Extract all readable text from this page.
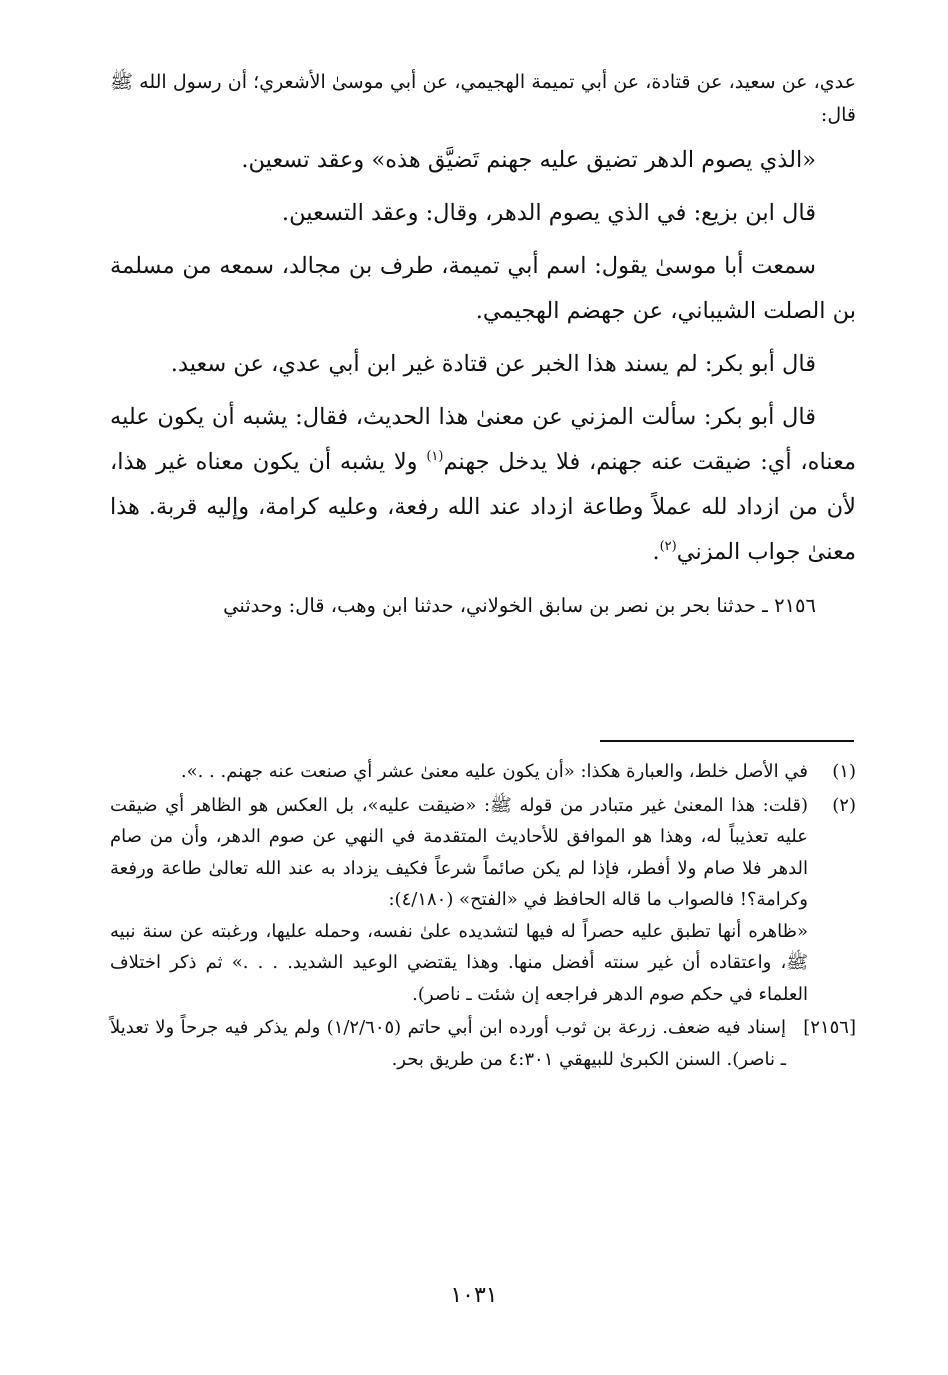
عدي، عن سعيد، عن قتادة، عن أبي تميمة الهجيمي، عن أبي موسىٰ الأشعري؛ أن رسول الله ﷺ قال:

«الذي يصوم الدهر تضيق عليه جهنم تَضيَّق هذه» وعقد تسعين.

قال ابن بزيع: في الذي يصوم الدهر، وقال: وعقد التسعين.

سمعت أبا موسىٰ يقول: اسم أبي تميمة، طرف بن مجالد، سمعه من مسلمة بن الصلت الشيباني، عن جهضم الهجيمي.

قال أبو بكر: لم يسند هذا الخبر عن قتادة غير ابن أبي عدي، عن سعيد.

قال أبو بكر: سألت المزني عن معنىٰ هذا الحديث، فقال: يشبه أن يكون عليه معناه، أي: ضيقت عنه جهنم، فلا يدخل جهنم$^{(١)}$ ولا يشبه أن يكون معناه غير هذا، لأن من ازداد لله عملاً وطاعة ازداد عند الله رفعة، وعليه كرامة، وإليه قربة. هذا معنىٰ جواب المزني$^{(٢)}$.

٢١٥٦ ـ حدثنا بحر بن نصر بن سابق الخولاني، حدثنا ابن وهب، قال: وحدثني

(١)
في الأصل خلط، والعبارة هكذا: «أن يكون عليه معنىٰ عشر أي صنعت عنه جهنم. . .».
(٢)
(قلت: هذا المعنىٰ غير متبادر من قوله ﷺ: «ضيقت عليه»، بل العكس هو الظاهر أي ضيقت عليه تعذيباً له، وهذا هو الموافق للأحاديث المتقدمة في النهي عن صوم الدهر، وأن من صام الدهر فلا صام ولا أفطر، فإذا لم يكن صائماً شرعاً فكيف يزداد به عند الله تعالىٰ طاعة ورفعة وكرامة؟! فالصواب ما قاله الحافظ في «الفتح» (٤/١٨٠):
«ظاهره أنها تطبق عليه حصراً له فيها لتشديده علىٰ نفسه، وحمله عليها، ورغبته عن سنة نبيه ﷺ، واعتقاده أن غير سنته أفضل منها. وهذا يقتضي الوعيد الشديد. . . .» ثم ذكر اختلاف العلماء في حكم صوم الدهر فراجعه إن شئت ـ ناصر).
[٢١٥٦]
إسناد فيه ضعف. زرعة بن ثوب أورده ابن أبي حاتم (١/٢/٦٠٥) ولم يذكر فيه جرحاً ولا تعديلاً ـ ناصر). السنن الكبرىٰ للبيهقي ٤:٣٠١ من طريق بحر.
١٠٣١
